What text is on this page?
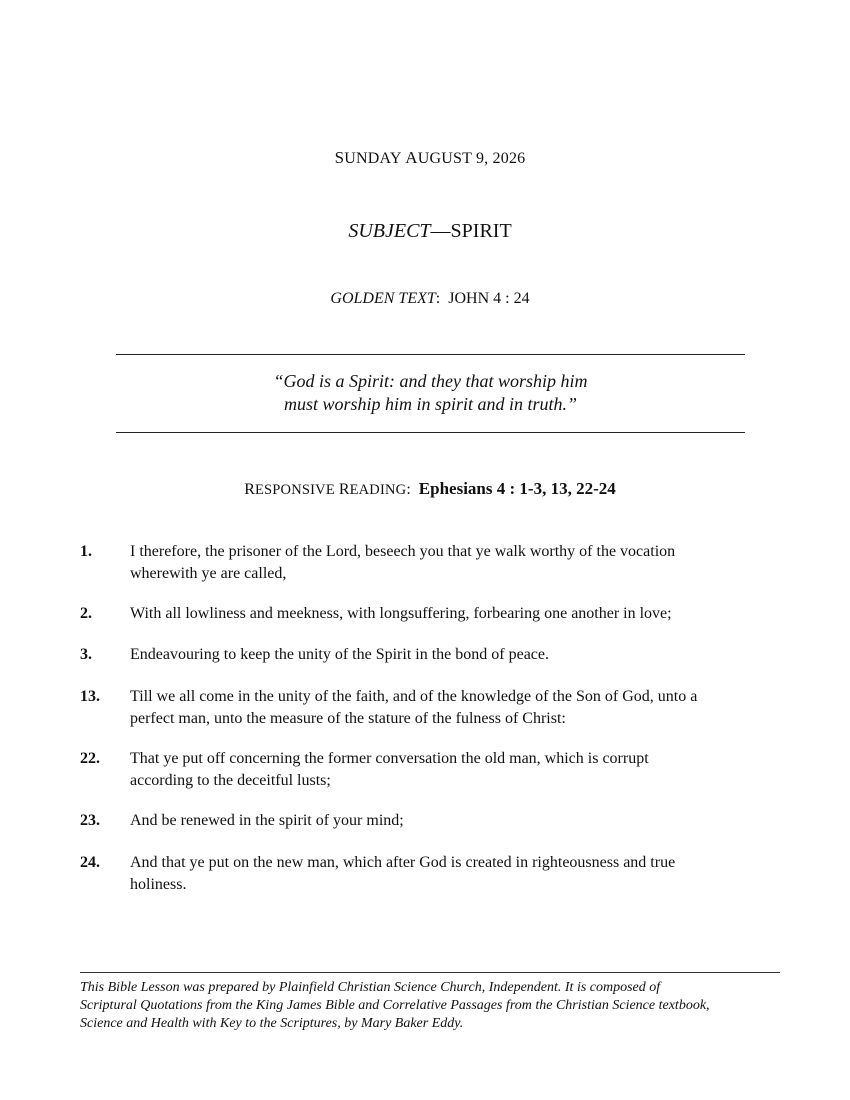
SUNDAY AUGUST 9, 2026
SUBJECT—SPIRIT
GOLDEN TEXT: JOHN 4 : 24
“God is a Spirit: and they that worship him
must worship him in spirit and in truth.”
RESPONSIVE READING: Ephesians 4 : 1-3, 13, 22-24
1. I therefore, the prisoner of the Lord, beseech you that ye walk worthy of the vocation
wherewith ye are called,
2. With all lowliness and meekness, with longsuffering, forbearing one another in love;
3. Endeavouring to keep the unity of the Spirit in the bond of peace.
13. Till we all come in the unity of the faith, and of the knowledge of the Son of God, unto a
perfect man, unto the measure of the stature of the fulness of Christ:
22. That ye put off concerning the former conversation the old man, which is corrupt
according to the deceitful lusts;
23. And be renewed in the spirit of your mind;
24. And that ye put on the new man, which after God is created in righteousness and true
holiness.
This Bible Lesson was prepared by Plainfield Christian Science Church, Independent. It is composed of
Scriptural Quotations from the King James Bible and Correlative Passages from the Christian Science textbook,
Science and Health with Key to the Scriptures, by Mary Baker Eddy.
